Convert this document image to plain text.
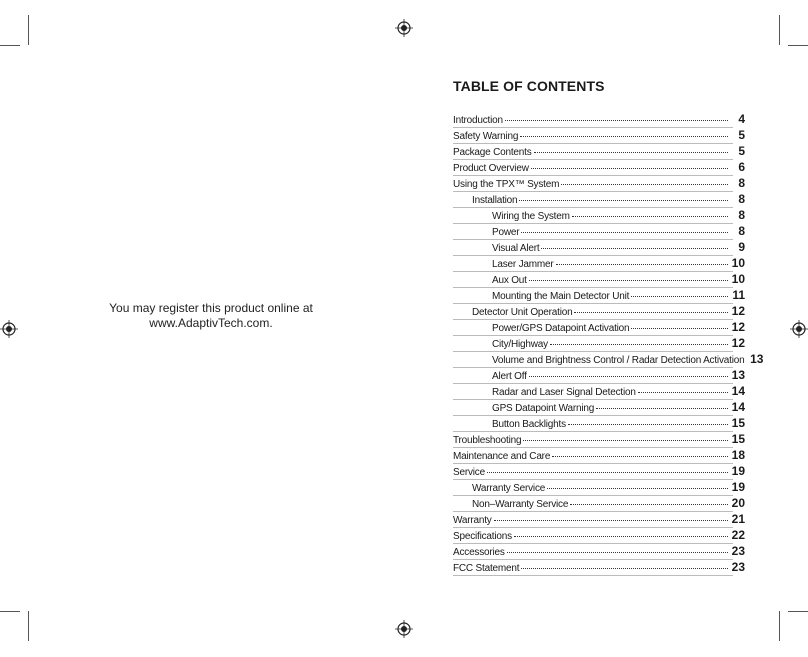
You may register this product online at
www.AdaptivTech.com.
TABLE OF CONTENTS
Introduction	4
Safety Warning	5
Package Contents	5
Product Overview	6
Using the TPX™ System	8
Installation	8
Wiring the System	8
Power	8
Visual Alert	9
Laser Jammer	10
Aux Out	10
Mounting the Main Detector Unit	11
Detector Unit Operation	12
Power/GPS Datapoint Activation	12
City/Highway	12
Volume and Brightness Control / Radar Detection Activation 13
Alert Off	13
Radar and Laser Signal Detection	14
GPS Datapoint Warning	14
Button Backlights	15
Troubleshooting	15
Maintenance and Care	18
Service	19
Warranty Service	19
Non–Warranty Service	20
Warranty	21
Specifications	22
Accessories	23
FCC Statement	23
